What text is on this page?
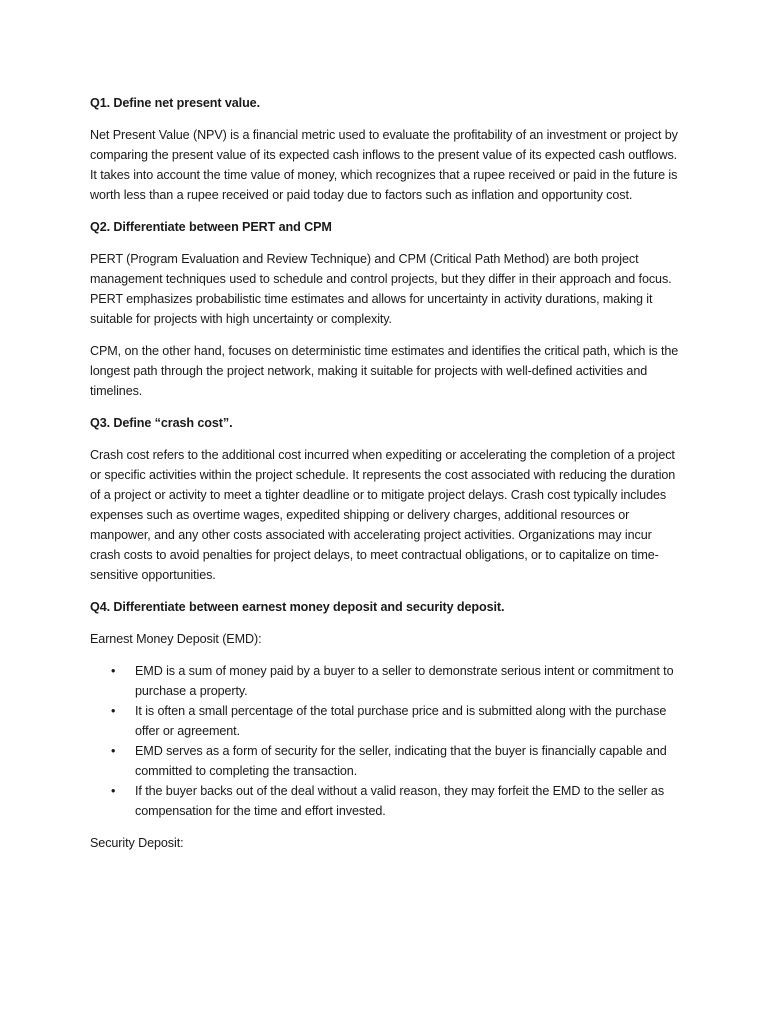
Q1. Define net present value.

Net Present Value (NPV) is a financial metric used to evaluate the profitability of an investment or project by comparing the present value of its expected cash inflows to the present value of its expected cash outflows. It takes into account the time value of money, which recognizes that a rupee received or paid in the future is worth less than a rupee received or paid today due to factors such as inflation and opportunity cost.

Q2. Differentiate between PERT and CPM

PERT (Program Evaluation and Review Technique) and CPM (Critical Path Method) are both project management techniques used to schedule and control projects, but they differ in their approach and focus. PERT emphasizes probabilistic time estimates and allows for uncertainty in activity durations, making it suitable for projects with high uncertainty or complexity.

CPM, on the other hand, focuses on deterministic time estimates and identifies the critical path, which is the longest path through the project network, making it suitable for projects with well-defined activities and timelines.

Q3. Define “crash cost”.

Crash cost refers to the additional cost incurred when expediting or accelerating the completion of a project or specific activities within the project schedule. It represents the cost associated with reducing the duration of a project or activity to meet a tighter deadline or to mitigate project delays. Crash cost typically includes expenses such as overtime wages, expedited shipping or delivery charges, additional resources or manpower, and any other costs associated with accelerating project activities. Organizations may incur crash costs to avoid penalties for project delays, to meet contractual obligations, or to capitalize on time-sensitive opportunities.

Q4. Differentiate between earnest money deposit and security deposit.

Earnest Money Deposit (EMD):

•	EMD is a sum of money paid by a buyer to a seller to demonstrate serious intent or commitment to purchase a property.
•	It is often a small percentage of the total purchase price and is submitted along with the purchase offer or agreement.
•	EMD serves as a form of security for the seller, indicating that the buyer is financially capable and committed to completing the transaction.
•	If the buyer backs out of the deal without a valid reason, they may forfeit the EMD to the seller as compensation for the time and effort invested.

Security Deposit:
